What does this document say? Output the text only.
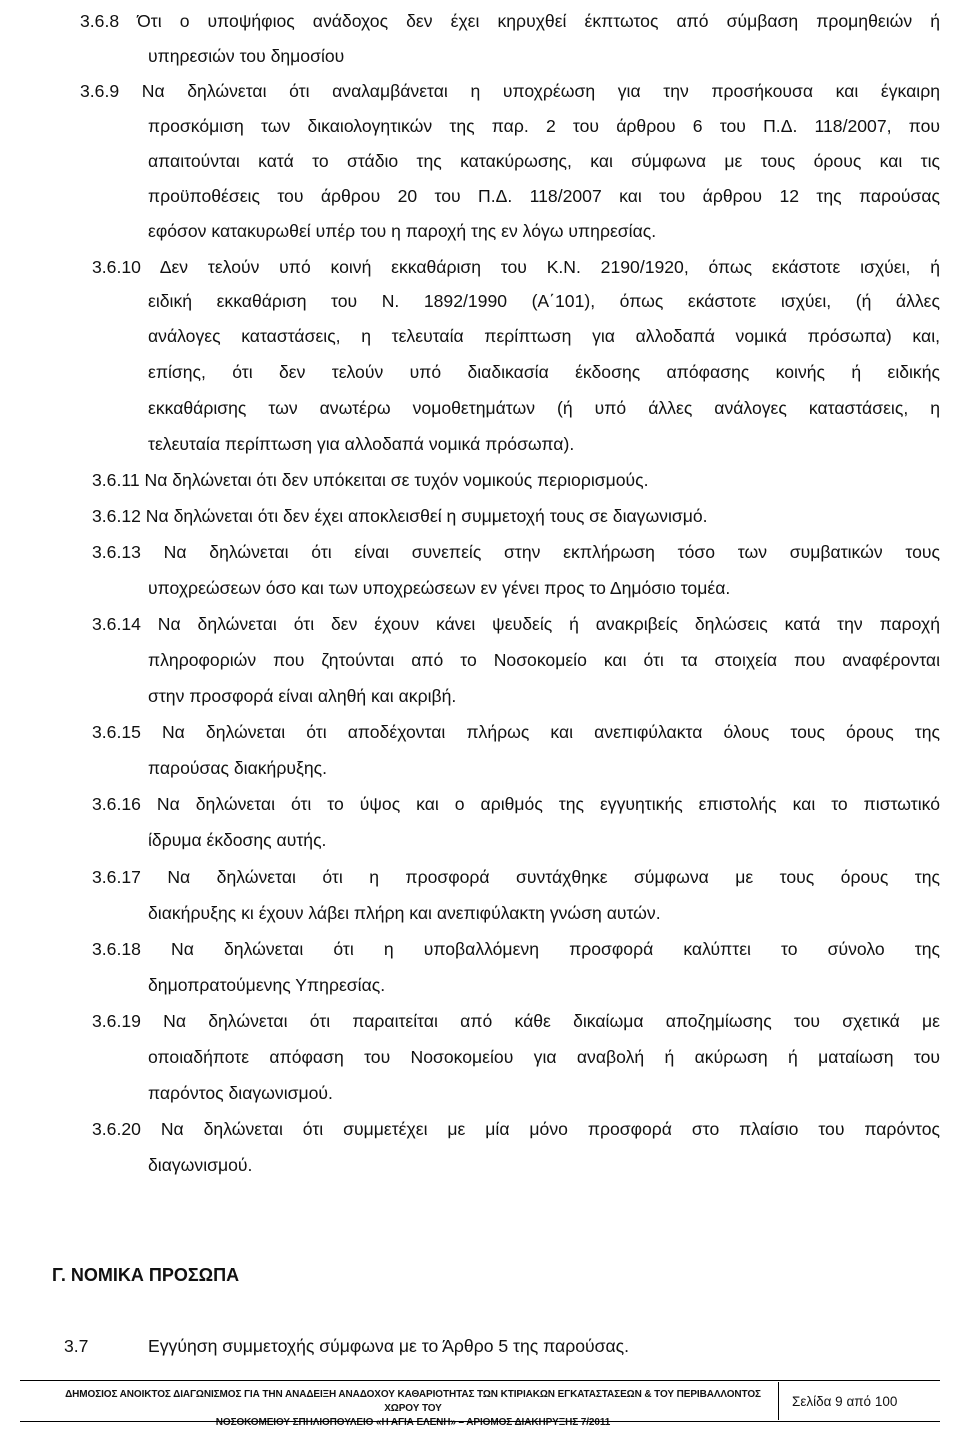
3.6.8 Ότι ο υποψήφιος ανάδοχος δεν έχει κηρυχθεί έκπτωτος από σύμβαση προμηθειών ή
υπηρεσιών του δημοσίου
3.6.9 Να δηλώνεται ότι αναλαμβάνεται η υποχρέωση για την προσήκουσα και έγκαιρη
προσκόμιση των δικαιολογητικών της παρ. 2 του άρθρου 6 του Π.Δ. 118/2007, που
απαιτούνται κατά το στάδιο της κατακύρωσης, και σύμφωνα με τους όρους και τις
προϋποθέσεις του άρθρου 20 του Π.Δ. 118/2007 και του άρθρου 12 της παρούσας
εφόσον κατακυρωθεί υπέρ του η παροχή της εν λόγω υπηρεσίας.
3.6.10 Δεν τελούν υπό κοινή εκκαθάριση του Κ.Ν. 2190/1920, όπως εκάστοτε ισχύει, ή
ειδική εκκαθάριση του Ν. 1892/1990 (Α΄101), όπως εκάστοτε ισχύει, (ή άλλες
ανάλογες καταστάσεις, η τελευταία περίπτωση για αλλοδαπά νομικά πρόσωπα) και,
επίσης, ότι δεν τελούν υπό διαδικασία έκδοσης απόφασης κοινής ή ειδικής
εκκαθάρισης των ανωτέρω νομοθετημάτων (ή υπό άλλες ανάλογες καταστάσεις, η
τελευταία περίπτωση για αλλοδαπά νομικά πρόσωπα).
3.6.11 Να δηλώνεται ότι δεν υπόκειται σε τυχόν νομικούς περιορισμούς.
3.6.12 Να δηλώνεται ότι δεν έχει αποκλεισθεί η συμμετοχή τους σε διαγωνισμό.
3.6.13 Να δηλώνεται ότι είναι συνεπείς στην εκπλήρωση τόσο των συμβατικών τους
υποχρεώσεων όσο και των υποχρεώσεων εν γένει προς το Δημόσιο τομέα.
3.6.14 Να δηλώνεται ότι δεν έχουν κάνει ψευδείς ή ανακριβείς δηλώσεις κατά την παροχή
πληροφοριών που ζητούνται από το Νοσοκομείο και ότι τα στοιχεία που αναφέρονται
στην προσφορά είναι αληθή και ακριβή.
3.6.15 Να δηλώνεται ότι αποδέχονται πλήρως και ανεπιφύλακτα όλους τους όρους της
παρούσας διακήρυξης.
3.6.16 Να δηλώνεται ότι το ύψος και ο αριθμός της εγγυητικής επιστολής και το πιστωτικό
ίδρυμα έκδοσης αυτής.
3.6.17 Να δηλώνεται ότι η προσφορά συντάχθηκε σύμφωνα με τους όρους της
διακήρυξης κι έχουν λάβει πλήρη και ανεπιφύλακτη γνώση αυτών.
3.6.18 Να δηλώνεται ότι η υποβαλλόμενη προσφορά καλύπτει το σύνολο της
δημοπρατούμενης Υπηρεσίας.
3.6.19 Να δηλώνεται ότι παραιτείται από κάθε δικαίωμα αποζημίωσης του σχετικά με
οποιαδήποτε απόφαση του Νοσοκομείου για αναβολή ή ακύρωση ή ματαίωση του
παρόντος διαγωνισμού.
3.6.20 Να δηλώνεται ότι συμμετέχει με μία μόνο προσφορά στο πλαίσιο του παρόντος
διαγωνισμού.
Γ. ΝΟΜΙΚΑ ΠΡΟΣΩΠΑ
3.7	Εγγύηση συμμετοχής σύμφωνα με το Άρθρο 5 της παρούσας.
ΔΗΜΟΣΙΟΣ ΑΝΟΙΚΤΟΣ ΔΙΑΓΩΝΙΣΜΟΣ ΓΙΑ ΤΗΝ ΑΝΑΔΕΙΞΗ ΑΝΑΔΟΧΟΥ ΚΑΘΑΡΙΟΤΗΤΑΣ ΤΩΝ ΚΤΙΡΙΑΚΩΝ ΕΓΚΑΤΑΣΤΑΣΕΩΝ & ΤΟΥ ΠΕΡΙΒΑΛΛΟΝΤΟΣ ΧΩΡΟΥ ΤΟΥ
ΝΟΣΟΚΟΜΕΙΟΥ ΣΠΗΛΙΟΠΟΥΛΕΙΟ «Η ΑΓΙΑ ΕΛΕΝΗ» – ΑΡΙΘΜΟΣ ΔΙΑΚΗΡΥΞΗΣ 7/2011
Σελίδα 9 από 100
